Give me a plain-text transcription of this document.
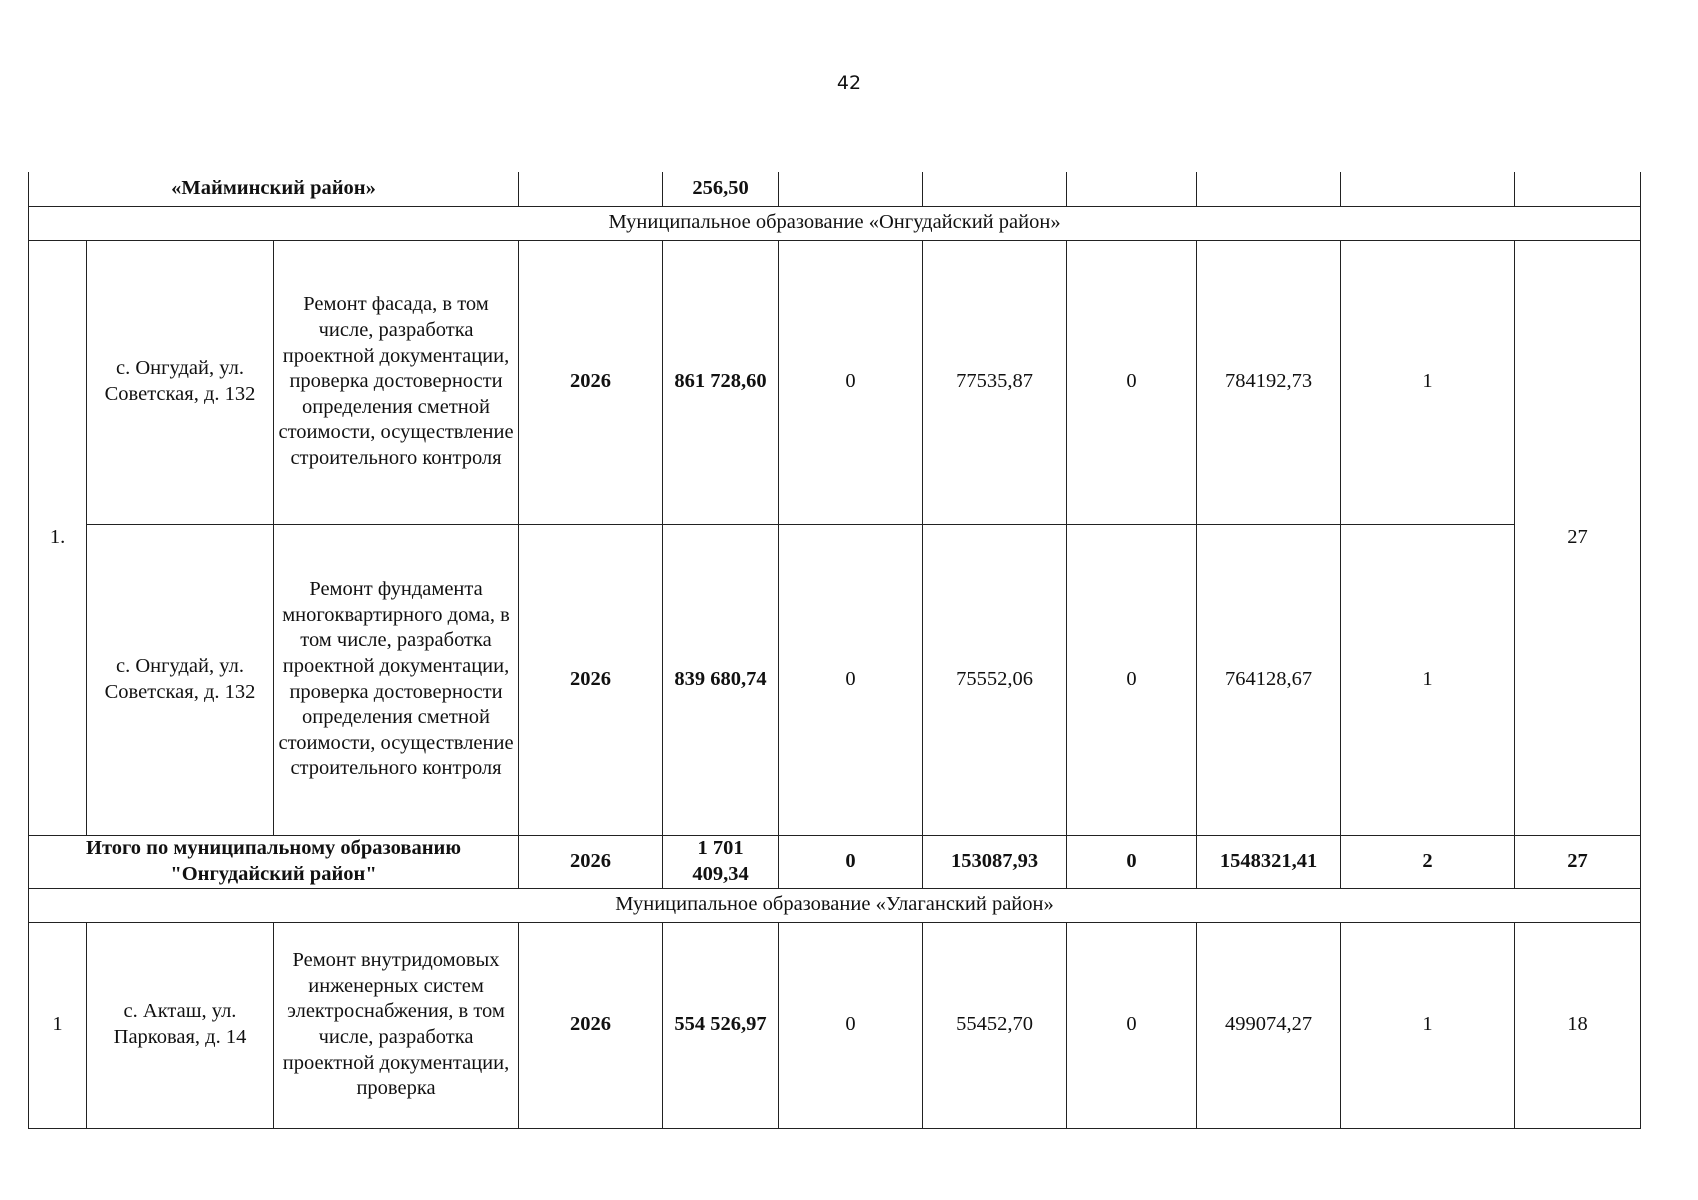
42
«Майминский район»				256,50						
Муниципальное образование «Онгудайский район»										
1.	с. Онгудай, ул. Советская, д. 132	Ремонт фасада, в том числе, разработка проектной документации, проверка достоверности определения сметной стоимости, осуществление строительного контроля	2026	861 728,60	0	77535,87	0	784192,73	1	27
	с. Онгудай, ул. Советская, д. 132	Ремонт фундамента многоквартирного дома, в том числе, разработка проектной документации, проверка достоверности определения сметной стоимости, осуществление строительного контроля	2026	839 680,74	0	75552,06	0	764128,67	1	
Итого по муниципальному образованию "Онгудайский район"			2026	1 701 409,34	0	153087,93	0	1548321,41	2	27
Муниципальное образование «Улаганский район»										
1	с. Акташ, ул. Парковая, д. 14	Ремонт внутридомовых инженерных систем электроснабжения, в том числе, разработка проектной документации, проверка	2026	554 526,97	0	55452,70	0	499074,27	1	18
